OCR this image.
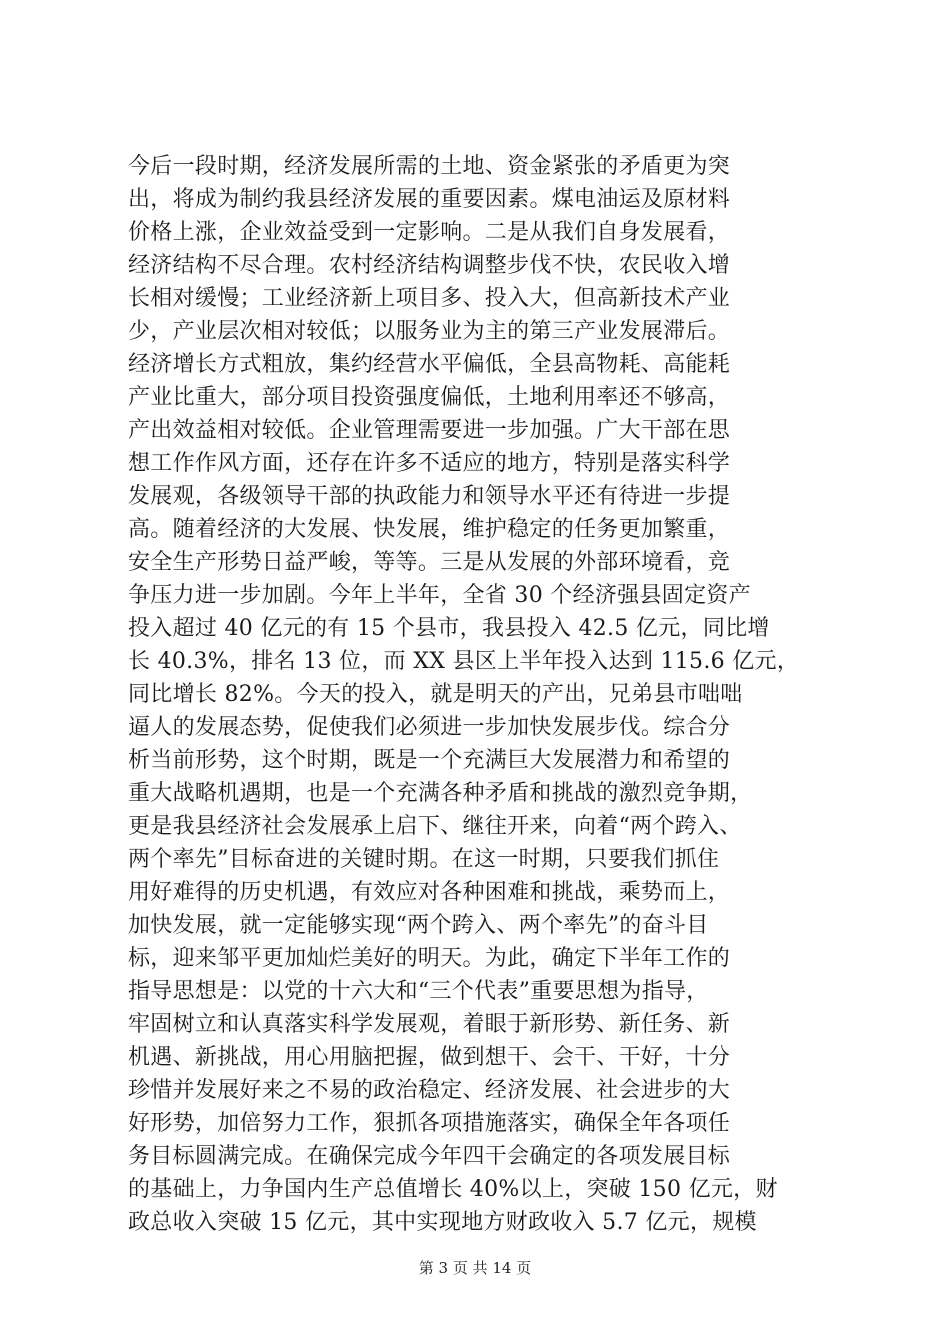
今后一段时期，经济发展所需的土地、资金紧张的矛盾更为突
出，将成为制约我县经济发展的重要因素。煤电油运及原材料
价格上涨，企业效益受到一定影响。二是从我们自身发展看，
经济结构不尽合理。农村经济结构调整步伐不快，农民收入增
长相对缓慢；工业经济新上项目多、投入大，但高新技术产业
少，产业层次相对较低；以服务业为主的第三产业发展滞后。
经济增长方式粗放，集约经营水平偏低，全县高物耗、高能耗
产业比重大，部分项目投资强度偏低，土地利用率还不够高，
产出效益相对较低。企业管理需要进一步加强。广大干部在思
想工作作风方面，还存在许多不适应的地方，特别是落实科学
发展观，各级领导干部的执政能力和领导水平还有待进一步提
高。随着经济的大发展、快发展，维护稳定的任务更加繁重，
安全生产形势日益严峻，等等。三是从发展的外部环境看，竞
争压力进一步加剧。今年上半年，全省 30 个经济强县固定资产
投入超过 40 亿元的有 15 个县市，我县投入 42.5 亿元，同比增
长 40.3%，排名 13 位，而 XX 县区上半年投入达到 115.6 亿元，
同比增长 82%。今天的投入，就是明天的产出，兄弟县市咄咄
逼人的发展态势，促使我们必须进一步加快发展步伐。综合分
析当前形势，这个时期，既是一个充满巨大发展潜力和希望的
重大战略机遇期，也是一个充满各种矛盾和挑战的激烈竞争期，
更是我县经济社会发展承上启下、继往开来，向着“两个跨入、
两个率先”目标奋进的关键时期。在这一时期，只要我们抓住
用好难得的历史机遇，有效应对各种困难和挑战，乘势而上，
加快发展，就一定能够实现“两个跨入、两个率先”的奋斗目
标，迎来邹平更加灿烂美好的明天。为此，确定下半年工作的
指导思想是：以党的十六大和“三个代表”重要思想为指导，
牢固树立和认真落实科学发展观，着眼于新形势、新任务、新
机遇、新挑战，用心用脑把握，做到想干、会干、干好，十分
珍惜并发展好来之不易的政治稳定、经济发展、社会进步的大
好形势，加倍努力工作，狠抓各项措施落实，确保全年各项任
务目标圆满完成。在确保完成今年四干会确定的各项发展目标
的基础上，力争国内生产总值增长 40%以上，突破 150 亿元，财
政总收入突破 15 亿元，其中实现地方财政收入 5.7 亿元，规模
第 3 页 共 14 页
